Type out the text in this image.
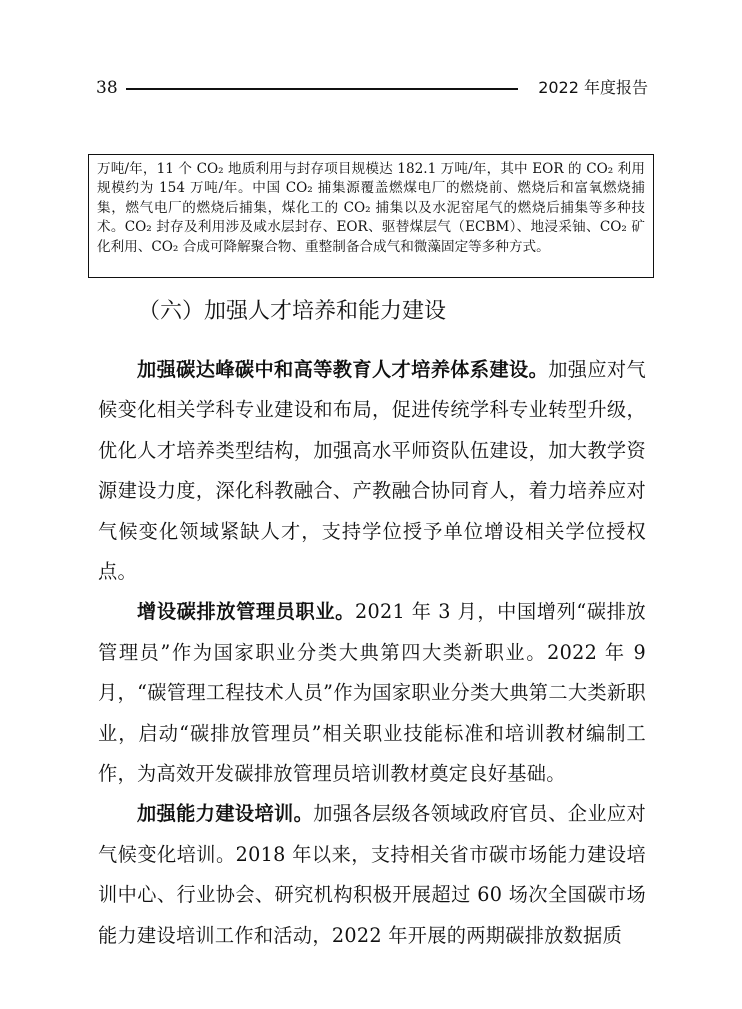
38	2022 年度报告

万吨/年，11 个 CO₂ 地质利用与封存项目规模达 182.1 万吨/年，其中 EOR 的 CO₂ 利用规模约为 154 万吨/年。中国 CO₂ 捕集源覆盖燃煤电厂的燃烧前、燃烧后和富氧燃烧捕集，燃气电厂的燃烧后捕集，煤化工的 CO₂ 捕集以及水泥窑尾气的燃烧后捕集等多种技术。CO₂ 封存及利用涉及咸水层封存、EOR、驱替煤层气（ECBM）、地浸采铀、CO₂ 矿化利用、CO₂ 合成可降解聚合物、重整制备合成气和微藻固定等多种方式。

（六）加强人才培养和能力建设

加强碳达峰碳中和高等教育人才培养体系建设。加强应对气候变化相关学科专业建设和布局，促进传统学科专业转型升级，优化人才培养类型结构，加强高水平师资队伍建设，加大教学资源建设力度，深化科教融合、产教融合协同育人，着力培养应对气候变化领域紧缺人才，支持学位授予单位增设相关学位授权点。

增设碳排放管理员职业。2021 年 3 月，中国增列“碳排放管理员”作为国家职业分类大典第四大类新职业。2022 年 9 月，“碳管理工程技术人员”作为国家职业分类大典第二大类新职业，启动“碳排放管理员”相关职业技能标准和培训教材编制工作，为高效开发碳排放管理员培训教材奠定良好基础。

加强能力建设培训。加强各层级各领域政府官员、企业应对气候变化培训。2018 年以来，支持相关省市碳市场能力建设培训中心、行业协会、研究机构积极开展超过 60 场次全国碳市场能力建设培训工作和活动，2022 年开展的两期碳排放数据质
